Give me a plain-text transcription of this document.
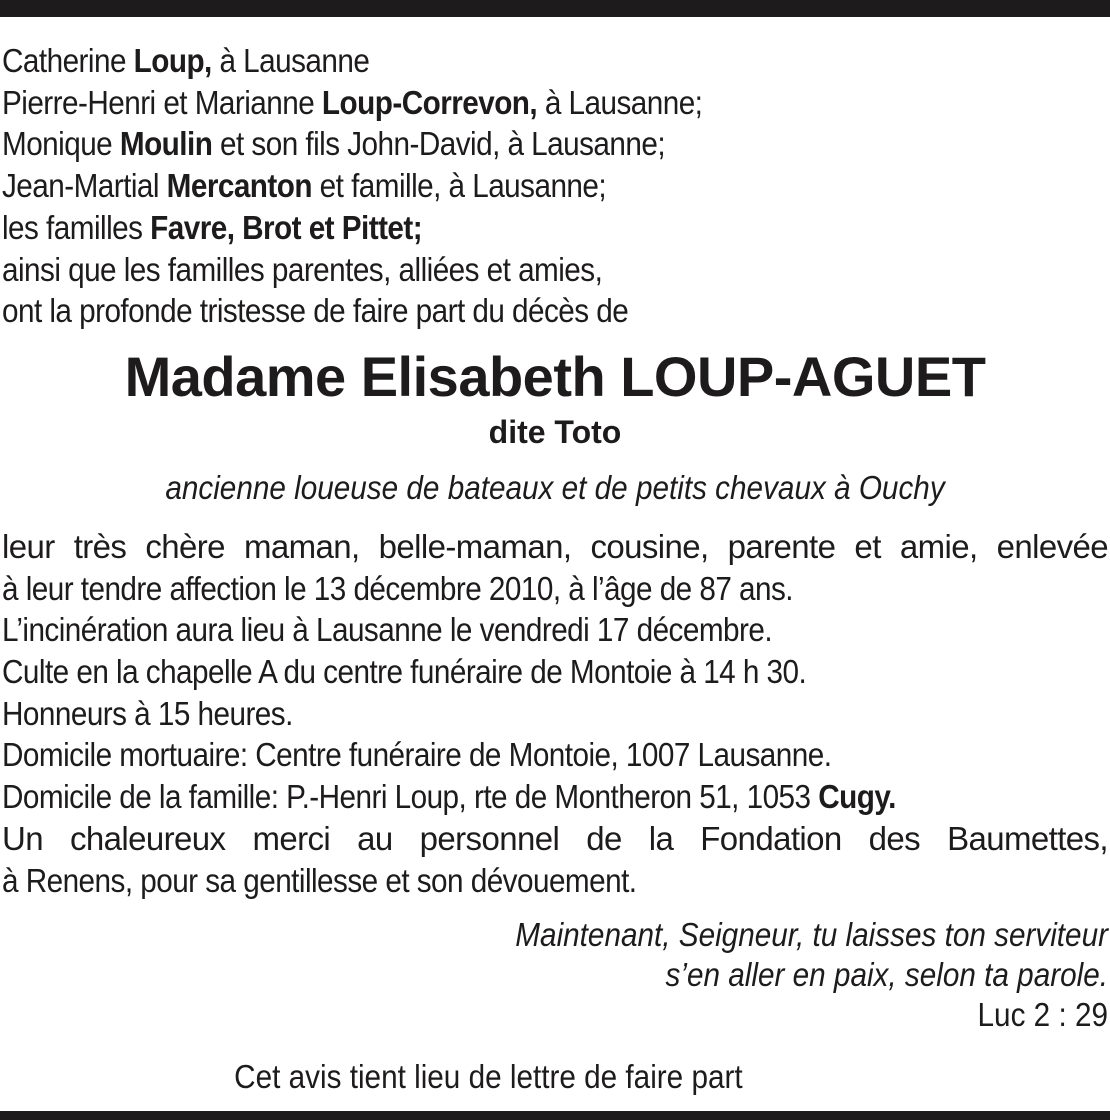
Catherine Loup, à Lausanne
Pierre-Henri et Marianne Loup-Correvon, à Lausanne;
Monique Moulin et son fils John-David, à Lausanne;
Jean-Martial Mercanton et famille, à Lausanne;
les familles Favre, Brot et Pittet;
ainsi que les familles parentes, alliées et amies,
ont la profonde tristesse de faire part du décès de
Madame Elisabeth LOUP-AGUET
dite Toto
ancienne loueuse de bateaux et de petits chevaux à Ouchy
leur très chère maman, belle-maman, cousine, parente et amie, enlevée
à leur tendre affection le 13 décembre 2010, à l’âge de 87 ans.
L’incinération aura lieu à Lausanne le vendredi 17 décembre.
Culte en la chapelle A du centre funéraire de Montoie à 14 h 30.
Honneurs à 15 heures.
Domicile mortuaire: Centre funéraire de Montoie, 1007 Lausanne.
Domicile de la famille: P.-Henri Loup, rte de Montheron 51, 1053 Cugy.
Un chaleureux merci au personnel de la Fondation des Baumettes,
à Renens, pour sa gentillesse et son dévouement.
Maintenant, Seigneur, tu laisses ton serviteur
s’en aller en paix, selon ta parole.
Luc 2 : 29
Cet avis tient lieu de lettre de faire part
